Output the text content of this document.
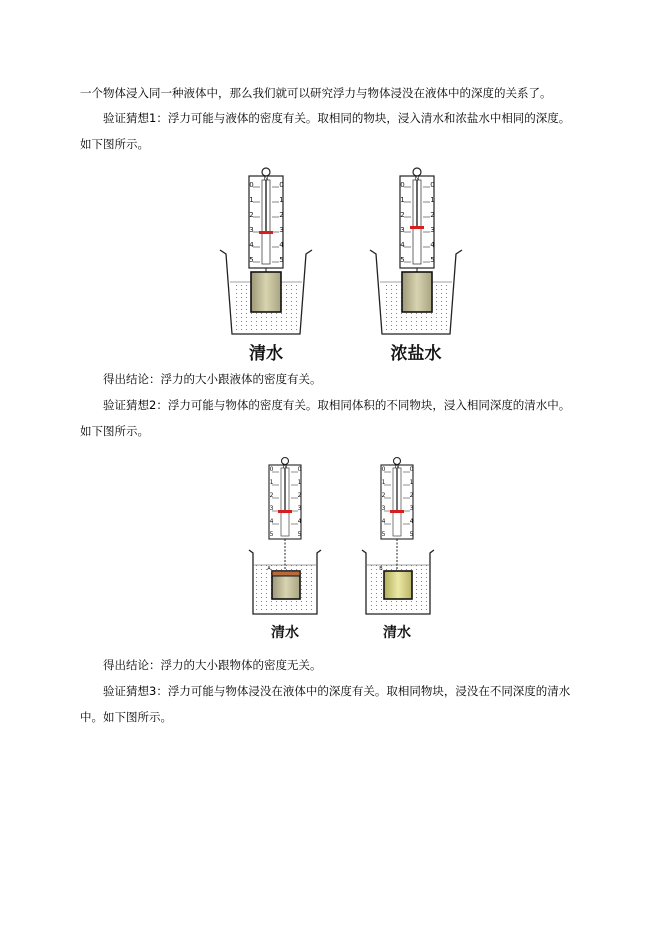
一个物体浸入同一种液体中，那么我们就可以研究浮力与物体浸没在液体中的深度的关系了。
验证猜想1：浮力可能与液体的密度有关。取相同的物块，浸入清水和浓盐水中相同的深度。
如下图所示。
N	N
N	N
0	0
1	1
2	2
3	3
4	4
5	5
0	0
1	1
2	2
3	3
4	4
5	5
0	0
1	1
2	2
3	3
4	4
5	5
0	0
1	1
2	2
3	3
4	4
5	5
清水	浓盐水
A	B
清水	清水
得出结论：浮力的大小跟液体的密度有关。
验证猜想2：浮力可能与物体的密度有关。取相同体积的不同物块，浸入相同深度的清水中。
如下图所示。
得出结论：浮力的大小跟物体的密度无关。
验证猜想3：浮力可能与物体浸没在液体中的深度有关。取相同物块，浸没在不同深度的清水
中。如下图所示。
